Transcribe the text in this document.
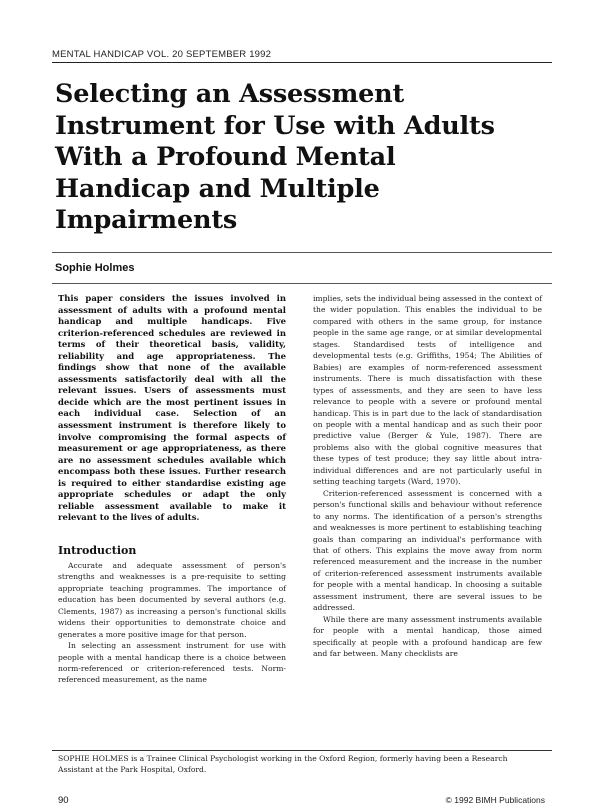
MENTAL HANDICAP VOL. 20 SEPTEMBER 1992
Selecting an Assessment Instrument for Use with Adults With a Profound Mental Handicap and Multiple Impairments
Sophie Holmes

This paper considers the issues involved in assessment of adults with a profound mental handicap and multiple handicaps. Five criterion-referenced schedules are reviewed in terms of their theoretical basis, validity, reliability and age appropriateness. The findings show that none of the available assessments satisfactorily deal with all the relevant issues. Users of assessments must decide which are the most pertinent issues in each individual case. Selection of an assessment instrument is therefore likely to involve compromising the formal aspects of measurement or age appropriateness, as there are no assessment schedules available which encompass both these issues. Further research is required to either standardise existing age appropriate schedules or adapt the only reliable assessment available to make it relevant to the lives of adults.

Introduction

Accurate and adequate assessment of person's strengths and weaknesses is a pre-requisite to setting appropriate teaching programmes. The importance of education has been documented by several authors (e.g. Clements, 1987) as increasing a person's functional skills widens their opportunities to demonstrate choice and generates a more positive image for that person.

In selecting an assessment instrument for use with people with a mental handicap there is a choice between norm-referenced or criterion-referenced tests. Norm-referenced measurement, as the name

implies, sets the individual being assessed in the context of the wider population. This enables the individual to be compared with others in the same group, for instance people in the same age range, or at similar developmental stages. Standardised tests of intelligence and developmental tests (e.g. Griffiths, 1954; The Abilities of Babies) are examples of norm-referenced assessment instruments. There is much dissatisfaction with these types of assessments, and they are seen to have less relevance to people with a severe or profound mental handicap. This is in part due to the lack of standardisation on people with a mental handicap and as such their poor predictive value (Berger & Yule, 1987). There are problems also with the global cognitive measures that these types of test produce; they say little about intra-individual differences and are not particularly useful in setting teaching targets (Ward, 1970).

Criterion-referenced assessment is concerned with a person's functional skills and behaviour without reference to any norms. The identification of a person's strengths and weaknesses is more pertinent to establishing teaching goals than comparing an individual's performance with that of others. This explains the move away from norm referenced measurement and the increase in the number of criterion-referenced assessment instruments available for people with a mental handicap. In choosing a suitable assessment instrument, there are several issues to be addressed.

While there are many assessment instruments available for people with a mental handicap, those aimed specifically at people with a profound handicap are few and far between. Many checklists are

SOPHIE HOLMES is a Trainee Clinical Psychologist working in the Oxford Region, formerly having been a Research Assistant at the Park Hospital, Oxford.

90	© 1992 BIMH Publications
